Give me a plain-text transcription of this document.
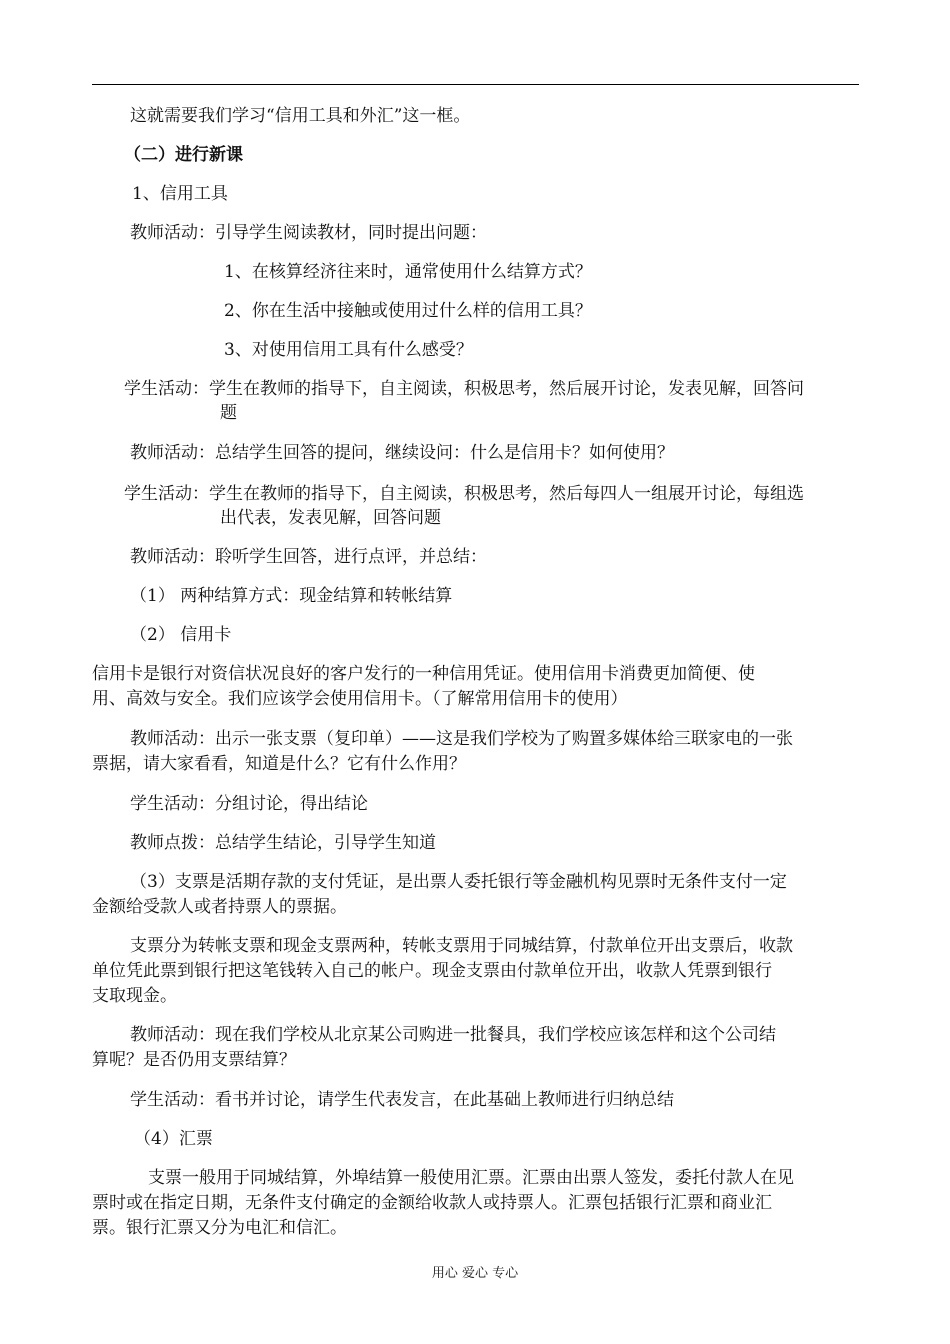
这就需要我们学习“信用工具和外汇”这一框。
（二）进行新课
1、信用工具
教师活动：引导学生阅读教材，同时提出问题：
1、在核算经济往来时，通常使用什么结算方式？
2、你在生活中接触或使用过什么样的信用工具？
3、对使用信用工具有什么感受？
学生活动：学生在教师的指导下，自主阅读，积极思考，然后展开讨论，发表见解，回答问
题
教师活动：总结学生回答的提问，继续设问：什么是信用卡？如何使用？
学生活动：学生在教师的指导下，自主阅读，积极思考，然后每四人一组展开讨论，每组选
出代表，发表见解，回答问题
教师活动：聆听学生回答，进行点评，并总结：
（1） 两种结算方式：现金结算和转帐结算
（2） 信用卡
信用卡是银行对资信状况良好的客户发行的一种信用凭证。使用信用卡消费更加简便、使
用、高效与安全。我们应该学会使用信用卡。（了解常用信用卡的使用）
教师活动：出示一张支票（复印单）——这是我们学校为了购置多媒体给三联家电的一张
票据，请大家看看，知道是什么？它有什么作用？
学生活动：分组讨论，得出结论
教师点拨：总结学生结论，引导学生知道
（3）支票是活期存款的支付凭证，是出票人委托银行等金融机构见票时无条件支付一定
金额给受款人或者持票人的票据。
支票分为转帐支票和现金支票两种，转帐支票用于同城结算，付款单位开出支票后，收款
单位凭此票到银行把这笔钱转入自己的帐户。现金支票由付款单位开出，收款人凭票到银行
支取现金。
教师活动：现在我们学校从北京某公司购进一批餐具，我们学校应该怎样和这个公司结
算呢？是否仍用支票结算？
学生活动：看书并讨论，请学生代表发言，在此基础上教师进行归纳总结
（4）汇票
支票一般用于同城结算，外埠结算一般使用汇票。汇票由出票人签发，委托付款人在见
票时或在指定日期，无条件支付确定的金额给收款人或持票人。汇票包括银行汇票和商业汇
票。银行汇票又分为电汇和信汇。
用心 爱心 专心
